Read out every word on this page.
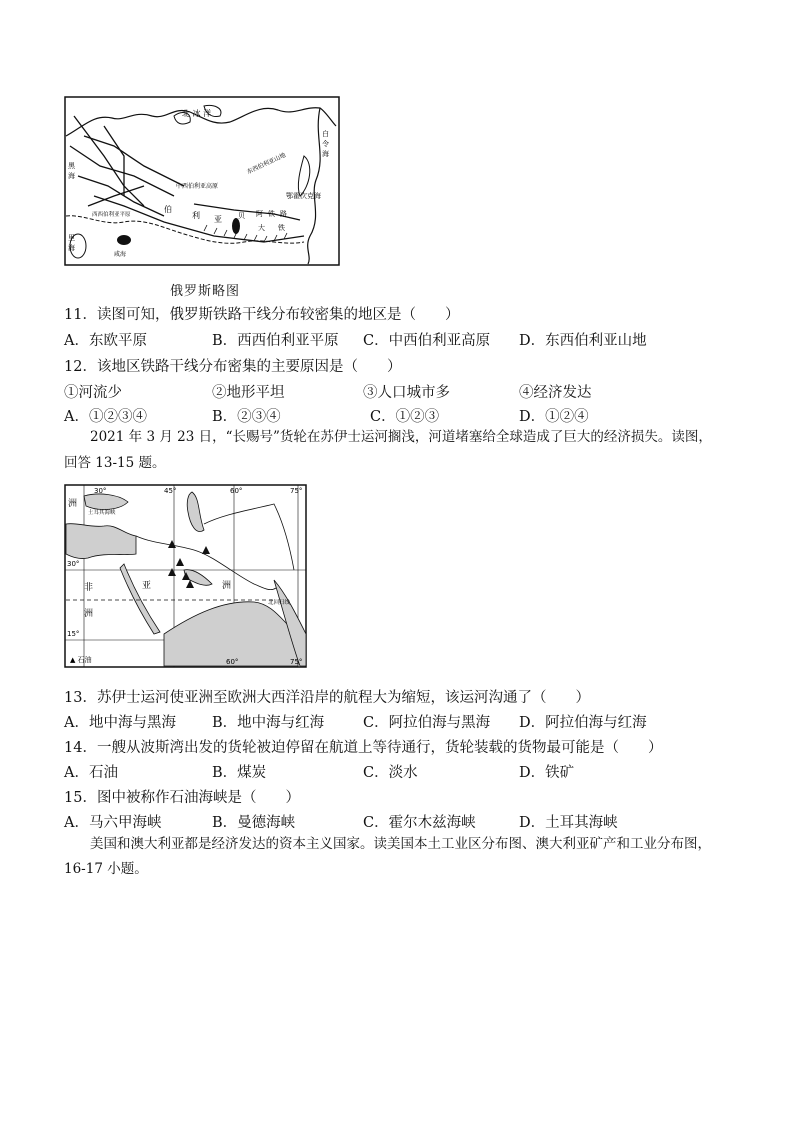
北 冰 洋
白
令
海
鄂霍次克海
中西伯利亚高原
东西伯利亚山地
伯
利 亚 贝 阿 铁 路
大 铁
黑
海
里
海
咸海
西西伯利亚平原
俄罗斯略图
11．读图可知，俄罗斯铁路干线分布较密集的地区是（　　）
A．东欧平原	B．西西伯利亚平原 C．中西伯利亚高原 D．东西伯利亚山地
12．该地区铁路干线分布密集的主要原因是（　　）
①河流少	②地形平坦	③人口城市多	④经济发达
A．①②③④	B．②③④	C．①②③	D．①②④
2021 年 3 月 23 日，“长赐号”货轮在苏伊士运河搁浅，河道堵塞给全球造成了巨大的经济损失。读图，
回答 13-15 题。
30°	45°	60°	75°
30°
15°
60°	75°
洲
土耳其海峡
非
洲
亚	洲
北回归线
▲ 石油
13．苏伊士运河使亚洲至欧洲大西洋沿岸的航程大为缩短，该运河沟通了（　　）
A．地中海与黑海 B．地中海与红海	C．阿拉伯海与黑海 D．阿拉伯海与红海
14．一艘从波斯湾出发的货轮被迫停留在航道上等待通行，货轮装载的货物最可能是（　　）
A．石油	B．煤炭	C．淡水	D．铁矿
15．图中被称作石油海峡是（　　）
A．马六甲海峡	B．曼德海峡	C．霍尔木兹海峡	D．土耳其海峡
美国和澳大利亚都是经济发达的资本主义国家。读美国本土工业区分布图、澳大利亚矿产和工业分布图，
16-17 小题。
